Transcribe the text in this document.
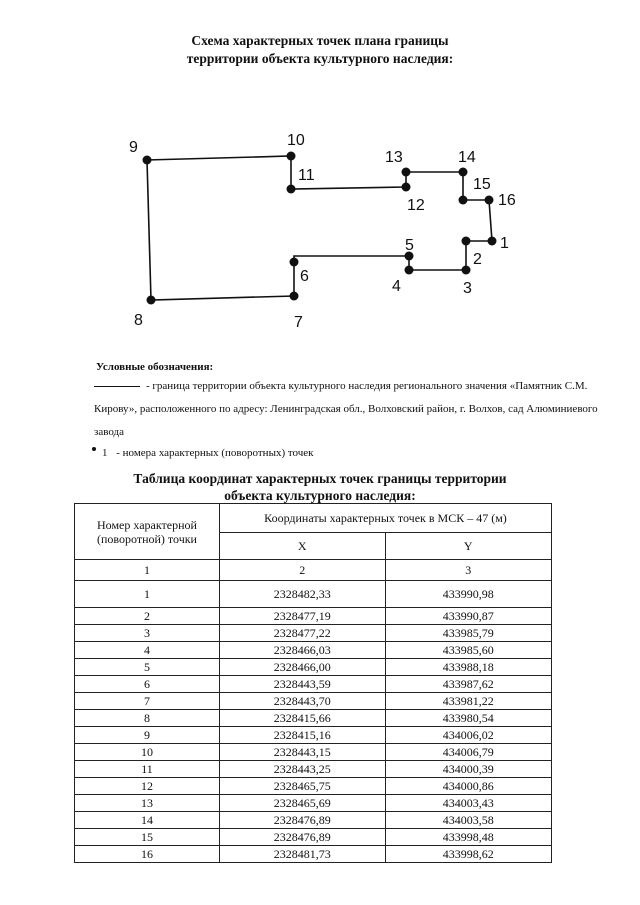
Схема характерных точек плана границы
территории объекта культурного наследия:
1
2
3
4
5
6
7
8
9	10
11
12
13	14
15
16
Условные обозначения:
- граница территории объекта культурного наследия регионального значения «Памятник С.М. Кирову», расположенного по адресу: Ленинградская обл., Волховский район, г. Волхов, сад Алюминиевого завода
1 - номера характерных (поворотных) точек
Таблица координат характерных точек границы территории
объекта культурного наследия:
Номер характерной (поворотной) точки	Координаты характерных точек в МСК – 47 (м)	
	X	Y
1	2	3
1	2328482,33	433990,98
2	2328477,19	433990,87
3	2328477,22	433985,79
4	2328466,03	433985,60
5	2328466,00	433988,18
6	2328443,59	433987,62
7	2328443,70	433981,22
8	2328415,66	433980,54
9	2328415,16	434006,02
10	2328443,15	434006,79
11	2328443,25	434000,39
12	2328465,75	434000,86
13	2328465,69	434003,43
14	2328476,89	434003,58
15	2328476,89	433998,48
16	2328481,73	433998,62
